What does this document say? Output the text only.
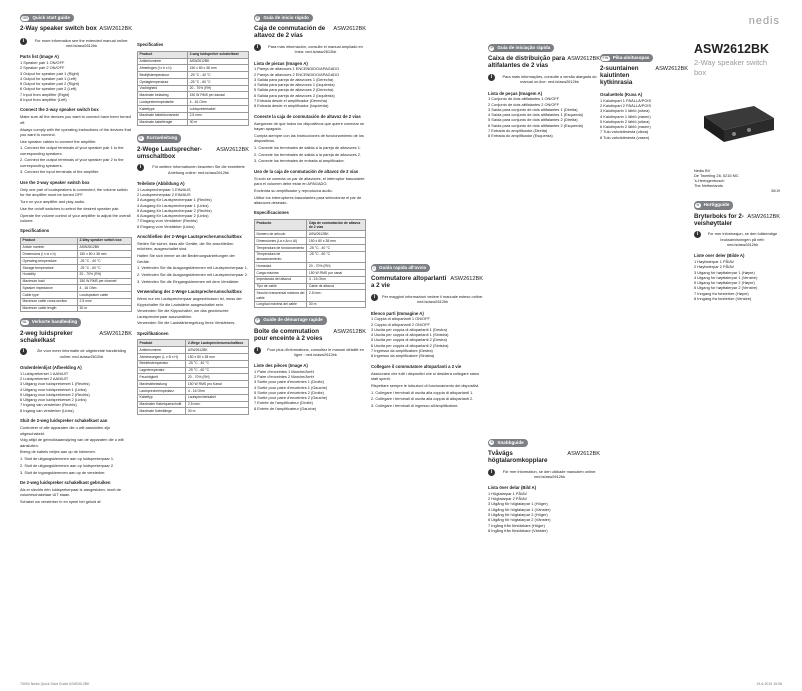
GB Quick start guide
2-Way speaker switch box ASW2612BK
i	For more information see the extended manual online: ned.is/asw2612bk
Parts list (Image A)
1 Speaker pair 1 ON/OFF
2 Speaker pair 2 ON/OFF
3 Output for speaker pair 1 (Right)
4 Output for speaker pair 1 (Left)
5 Output for speaker pair 2 (Right)
6 Output for speaker pair 2 (Left)
7 Input from amplifier (Right)
8 Input from amplifier (Left)
Connect the 2-way speaker switch box
Make sure all the devices you want to connect have been turned off.
Always comply with the operating instructions of the devices that you want to connect.
Use speaker cables to connect the amplifier.
1. Connect the output terminals of your speaker pair 1 to the corresponding speakers.
2. Connect the output terminals of your speaker pair 2 to the corresponding speakers.
3. Connect the input terminals of the amplifier.
Use the 2-way speaker switch box
Only one pair of loudspeakers is connected, the volume switch for the amplifier must be turned OFF.
Turn on your amplifier and play audio.
Use the on/off switches to select the desired speaker pair.
Operate the volume control of your amplifier to adjust the overall volume.
Specifications
Product	2-Way speaker switch box
Article number	ASW2612BK
Dimensions (l x w x h)	150 x 80 x 38 mm
Operating temperature	-25 °C - 40 °C
Storage temperature	-25 °C - 60 °C
Humidity	20 - 70% (RH)
Maximum load	150 W RMS per channel
Speaker impedance	4 - 16 Ohm
Cable type	Loudspeaker cable
Maximum cable cross-section	2.5 mm²
Maximum cable length	30 m
NL Verkorte handleiding
2-weg luidspreker schakelkast
ASW2612BK
i	Zie voor meer informatie de uitgebreide handleiding online: ned.is/asw2612bk
Onderdelenlijst (Afbeelding A)
1 Luidsprekerset 1 AAN/UIT
2 Luidsprekerset 2 AAN/UIT
3 Uitgang voor luidsprekerset 1 (Rechts)
4 Uitgang voor luidsprekerset 1 (Links)
5 Uitgang voor luidsprekerset 2 (Rechts)
6 Uitgang voor luidsprekerset 2 (Links)
7 Ingang van versterker (Rechts)
8 Ingang van versterker (Links)
Sluit de 2-weg luidspreker schakelkast aan
Controleer of alle apparaten die u wilt aansluiten zijn uitgeschakeld.
Volg altijd de gebruiksaanwijzing van de apparaten die u wilt aansluiten.
Breng de kabels netjes aan op de klemmen.
1. Sluit de uitgangsklemmen aan op luidsprekerpaar 1.
2. Sluit de uitgangsklemmen aan op luidsprekerpaar 2.
3. Sluit de ingangsklemmen aan op de versterker.
De 2-weg luidspreker schakelkast gebruiken
Als er slechts één luidsprekerpaar is aangesloten, moet de volumeschakelaar UIT staan.
Schakel uw versterker in en speel het geluid af.
Specificaties
Product	2-weg luidspreker schakelkast
Artikelnummer	ASW2612BK
Afmetingen (l x b x h)	150 x 80 x 38 mm
Bedrijfstemperatuur	-25 °C - 40 °C
Opslagtemperatuur	-25 °C - 60 °C
Vochtigheid	20 - 70% (RH)
Maximale belasting	150 W RMS per kanaal
Luidsprekerimpedantie	4 - 16 Ohm
Kabeltype	Luidsprekerkabel
Maximale kabeldoorsnede	2.5 mm²
Maximale kabellengte	30 m
D Kurzanleitung
2-Wege Lautsprecher-umschaltbox
ASW2612BK
i	Für weitere Informationen beachten Sie die erweiterte Anleitung online: ned.is/asw2612bk
Teileliste (Abbildung A)
1 Lautsprecherpaar 1 EIN/AUS
2 Lautsprecherpaar 2 EIN/AUS
3 Ausgang für Lautsprecherpaar 1 (Rechts)
4 Ausgang für Lautsprecherpaar 1 (Links)
5 Ausgang für Lautsprecherpaar 2 (Rechts)
6 Ausgang für Lautsprecherpaar 2 (Links)
7 Eingang vom Verstärker (Rechts)
8 Eingang vom Verstärker (Links)
Anschließen der 2-Wege Lautsprecherumschaltbox
Stellen Sie sicher, dass alle Geräte, die Sie anschließen möchten, ausgeschaltet sind.
Halten Sie sich immer an die Bedienungsanleitungen der Geräte.
1. Verbinden Sie die Ausgangsklemmen mit Lautsprecherpaar 1.
2. Verbinden Sie die Ausgangsklemmen mit Lautsprecherpaar 2.
3. Verbinden Sie die Eingangsklemmen mit dem Verstärker.
Verwendung der 2-Wege Lautsprecherumschaltbox
Wenn nur ein Lautsprecherpaar angeschlossen ist, muss der Kippschalter für die Lautstärke ausgeschaltet sein.
Verwenden Sie die Kippschalter, um das gewünschte Lautsprecherpaar auszuwählen.
Verwenden Sie die Lautstärkeregelung Ihres Verstärkers.
Spezifikationen
Produkt	2-Wege Lautsprecherumschaltbox
Artikelnummer	ASW2612BK
Abmessungen (L x B x H)	150 x 80 x 38 mm
Betriebstemperatur	-25 °C - 40 °C
Lagertemperatur	-25 °C - 60 °C
Feuchtigkeit	20 - 70% (RH)
Maximalbelastung	150 W RMS pro Kanal
Lautsprecherimpedanz	4 - 16 Ohm
Kabeltyp	Lautsprecherkabel
Maximaler Kabelquerschnitt	2,5 mm²
Maximale Kabellänge	30 m
E Guía de inicio rápido
Caja de conmutación de altavoz de 2 vías
ASW2612BK
i	Para más información, consulte el manual ampliado en línea: ned.is/asw2612bk
Lista de piezas (Imagen A)
1 Pareja de altavoces 1 ENCENDIDO/APAGADO
2 Pareja de altavoces 2 ENCENDIDO/APAGADO
3 Salida para pareja de altavoces 1 (Derecha)
4 Salida para pareja de altavoces 1 (Izquierda)
5 Salida para pareja de altavoces 2 (Derecha)
6 Salida para pareja de altavoces 2 (Izquierda)
7 Entrada desde el amplificador (Derecha)
8 Entrada desde el amplificador (Izquierda)
Conecte la caja de conmutación de altavoz de 2 vías
Asegúrese de que todos los dispositivos que quiere conectar se hayan apagado.
Cumpla siempre con las instrucciones de funcionamiento de los dispositivos.
1. Conecte los terminales de salida a la pareja de altavoces 1.
2. Conecte los terminales de salida a la pareja de altavoces 2.
3. Conecte los terminales de entrada al amplificador.
Uso de la caja de conmutación de altavoz de 2 vías
Si solo se conecta un par de altavoces, el interruptor basculante para el volumen debe estar en APAGADO.
Encienda su amplificador y reproduzca audio.
Utilice los interruptores basculantes para seleccionar el par de altavoces deseado.
Especificaciones
Producto	Caja de conmutación de altavoz de 2 vías
Número de artículo	ASW2612BK
Dimensiones (La x An x Al)	150 x 80 x 38 mm
Temperatura de funcionamiento	-25 °C - 40 °C
Temperatura de almacenamiento	-25 °C - 60 °C
Humedad	20 - 70% (RH)
Carga máxima	150 W RMS por canal
Impedancia del altavoz	4 - 16 Ohm
Tipo de cable	Cable de altavoz
Sección transversal máxima del cable	2.5 mm²
Longitud máxima del cable	30 m
F Guide de démarrage rapide
Boîte de commutation pour enceinte à 2 voies
ASW2612BK
i	Pour plus d'informations, consultez le manuel détaillé en ligne : ned.is/asw2612bk
Liste des pièces (Image A)
1 Paire d'enceintes 1 Marche/Arrêt
2 Paire d'enceintes 2 Marche/Arrêt
3 Sortie pour paire d'enceintes 1 (Droite)
4 Sortie pour paire d'enceintes 1 (Gauche)
5 Sortie pour paire d'enceintes 2 (Droite)
6 Sortie pour paire d'enceintes 2 (Gauche)
7 Entrée de l'amplificateur (Droite)
8 Entrée de l'amplificateur (Gauche)
I Guida rapida all'avvio
Commutatore altoparlanti a 2 vie
ASW2612BK
i	Per maggiori informazioni vedere il manuale esteso online: ned.is/asw2612bk
Elenco parti (Immagine A)
1 Coppia di altoparlanti 1 ON/OFF
2 Coppia di altoparlanti 2 ON/OFF
3 Uscita per coppia di altoparlanti 1 (Destra)
4 Uscita per coppia di altoparlanti 1 (Sinistra)
5 Uscita per coppia di altoparlanti 2 (Destra)
6 Uscita per coppia di altoparlanti 2 (Sinistra)
7 Ingresso da amplificatore (Destra)
8 Ingresso da amplificatore (Sinistra)
Collegare il commutatore altoparlanti a 2 vie
Assicurarsi che tutti i dispositivi che si desidera collegare siano stati spenti.
Rispettare sempre le istruzioni di funzionamento dei dispositivi.
1. Collegare i terminali di uscita alla coppia di altoparlanti 1.
2. Collegare i terminali di uscita alla coppia di altoparlanti 2.
3. Collegare i terminali di ingresso all'amplificatore.
P Guia de iniciação rápida
Caixa de distribuição para altifalantes de 2 vias
ASW2612BK
i	Para mais informações, consulte a versão alargada do manual on-line: ned.is/asw2612bk
Lista de peças (Imagem A)
1 Conjunto de dois altifalantes 1 ON/OFF
2 Conjunto de dois altifalantes 2 ON/OFF
3 Saída para conjunto de dois altifalantes 1 (Direita)
4 Saída para conjunto de dois altifalantes 1 (Esquerda)
5 Saída para conjunto de dois altifalantes 2 (Direita)
6 Saída para conjunto de dois altifalantes 2 (Esquerda)
7 Entrada do amplificador (Direita)
8 Entrada do amplificador (Esquerda)
S Snabbguide
Tvåvägs högtalaromkopplare
ASW2612BK
i	För mer information, se den utökade manualen online: ned.is/asw2612bk
Lista över delar (Bild A)
1 Högtalarpar 1 PÅ/AV
2 Högtalarpar 2 PÅ/AV
3 Utgång för högtalarpar 1 (Höger)
4 Utgång för högtalarpar 1 (Vänster)
5 Utgång för högtalarpar 2 (Höger)
6 Utgång för högtalarpar 2 (Vänster)
7 Ingång från förstärkare (Höger)
8 Ingång från förstärkare (Vänster)
FIN Pika-aloitusopas
2-suuntainen kaiutinten kytkinrasia
ASW2612BK
Osaluettelo (Kuva A)
1 Kaiutinpari 1 PÄÄLLÄ/POIS
2 Kaiutinpari 2 PÄÄLLÄ/POIS
3 Kaiutinparin 1 lähtö (oikea)
4 Kaiutinparin 1 lähtö (vasen)
5 Kaiutinparin 2 lähtö (oikea)
6 Kaiutinparin 2 lähtö (vasen)
7 Tulo vahvistimesta (oikea)
8 Tulo vahvistimesta (vasen)
nedis
ASW2612BK
2-Way speaker switch box
Nedis BV
De Tweeling 28, 5215 MC
's-Hertogenbosch
The Netherlands
06/19
N Hurtigguide
Bryterboks for 2-veishøyttaler
ASW2612BK
i	For mer informasjon, se den fullstendige bruksanvisningen på nett: ned.is/asw2612bk
Liste over deler (Bilde A)
1 Høyttalerpar 1 PÅ/AV
2 Høyttalerpar 2 PÅ/AV
3 Utgang for høyttalerpar 1 (Høyre)
4 Utgang for høyttalerpar 1 (Venstre)
5 Utgang for høyttalerpar 2 (Høyre)
6 Utgang for høyttalerpar 2 (Venstre)
7 Inngang fra forsterker (Høyre)
8 Inngang fra forsterker (Venstre)
76094 Nedis Quick Start Guide ASW2612BK	19-6-2019 15:08
